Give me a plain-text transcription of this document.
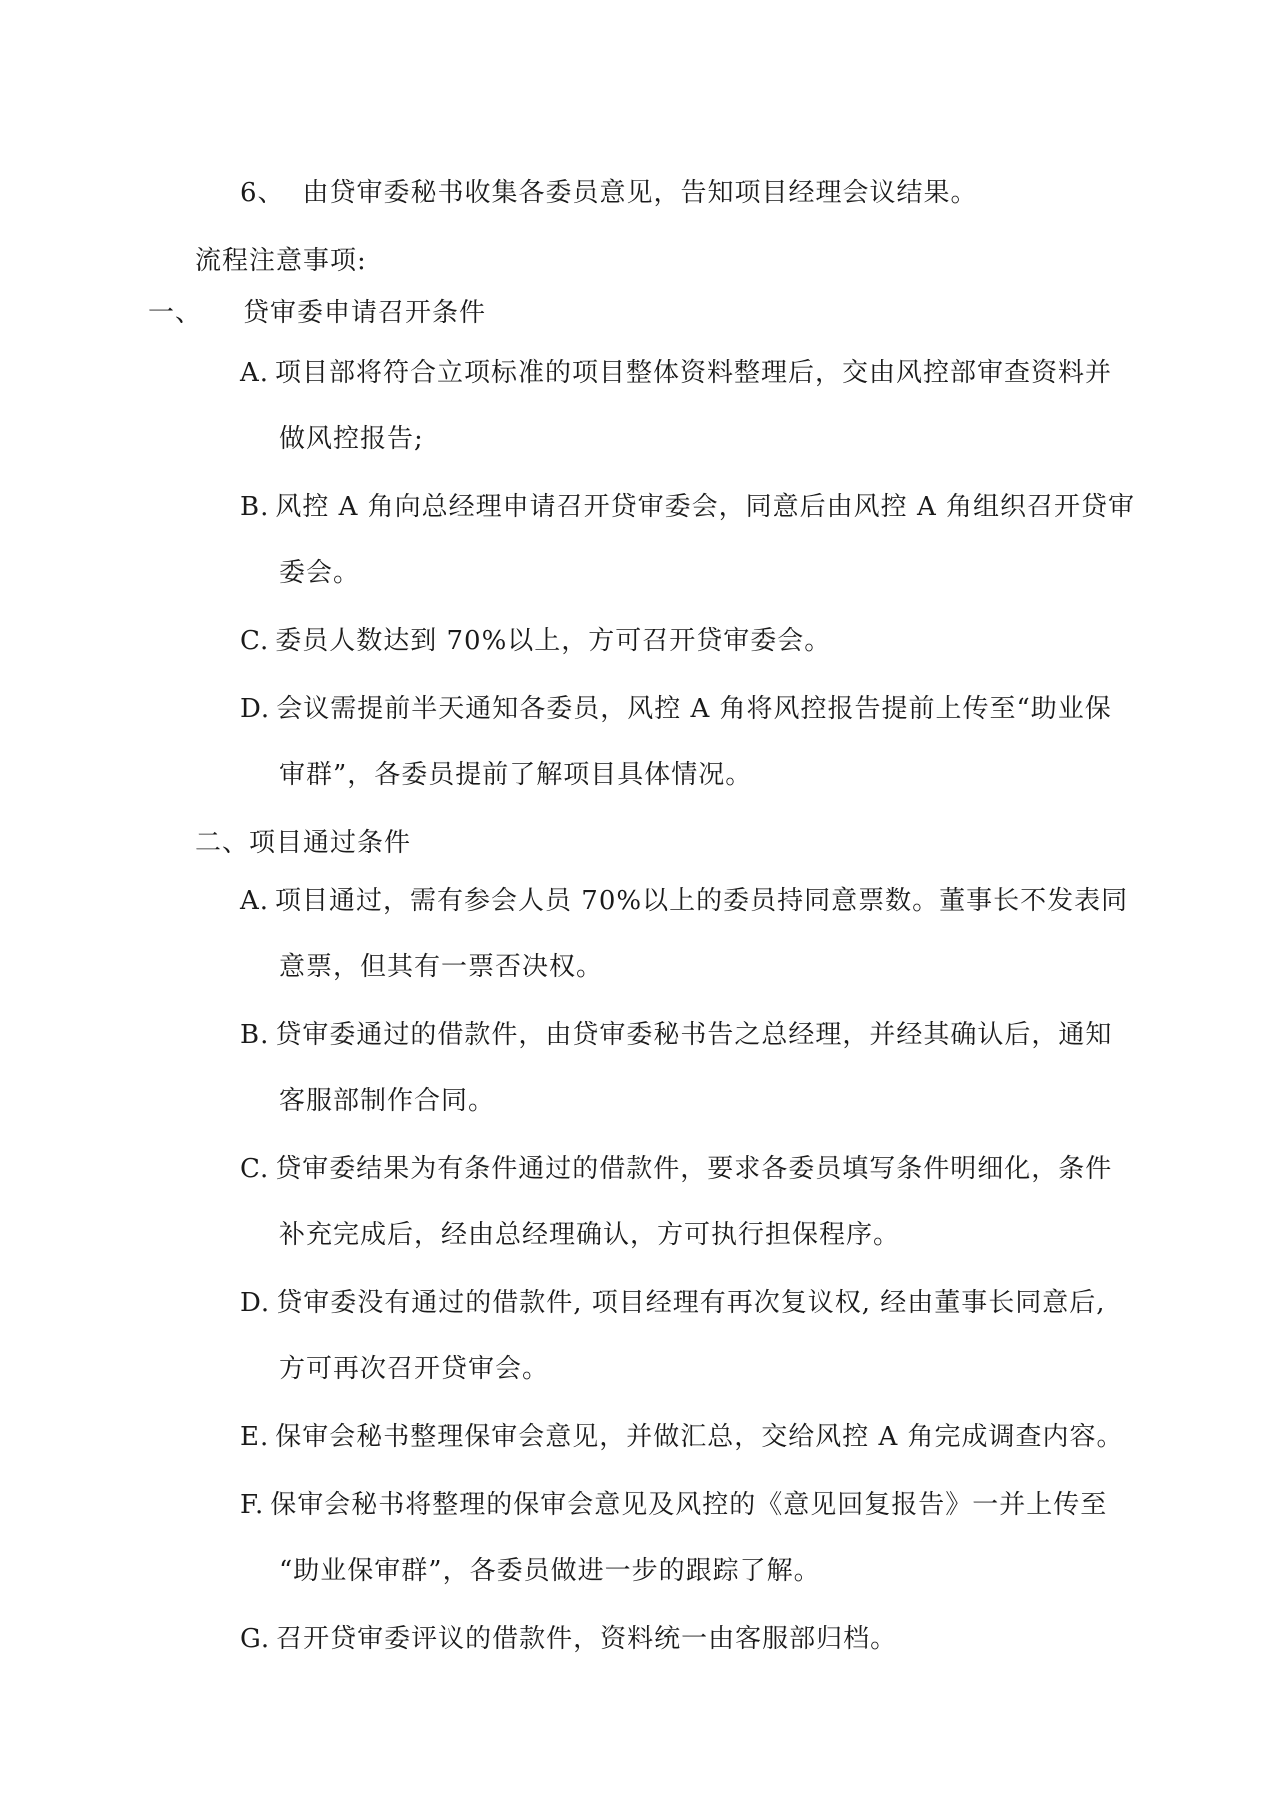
6、 由贷审委秘书收集各委员意见，告知项目经理会议结果。
流程注意事项:
一、 贷审委申请召开条件
A. 项目部将符合立项标准的项目整体资料整理后，交由风控部审查资料并
做风控报告;
B. 风控 A 角向总经理申请召开贷审委会，同意后由风控 A 角组织召开贷审
委会。
C. 委员人数达到 70%以上，方可召开贷审委会。
D. 会议需提前半天通知各委员，风控 A 角将风控报告提前上传至“助业保
审群”，各委员提前了解项目具体情况。
二、项目通过条件
A. 项目通过，需有参会人员 70%以上的委员持同意票数。董事长不发表同
意票，但其有一票否决权。
B. 贷审委通过的借款件，由贷审委秘书告之总经理，并经其确认后，通知
客服部制作合同。
C. 贷审委结果为有条件通过的借款件，要求各委员填写条件明细化，条件
补充完成后，经由总经理确认，方可执行担保程序。
D. 贷审委没有通过的借款件, 项目经理有再次复议权, 经由董事长同意后,
方可再次召开贷审会。
E. 保审会秘书整理保审会意见，并做汇总，交给风控 A 角完成调查内容。
F. 保审会秘书将整理的保审会意见及风控的《意见回复报告》一并上传至
“助业保审群”，各委员做进一步的跟踪了解。
G. 召开贷审委评议的借款件，资料统一由客服部归档。
